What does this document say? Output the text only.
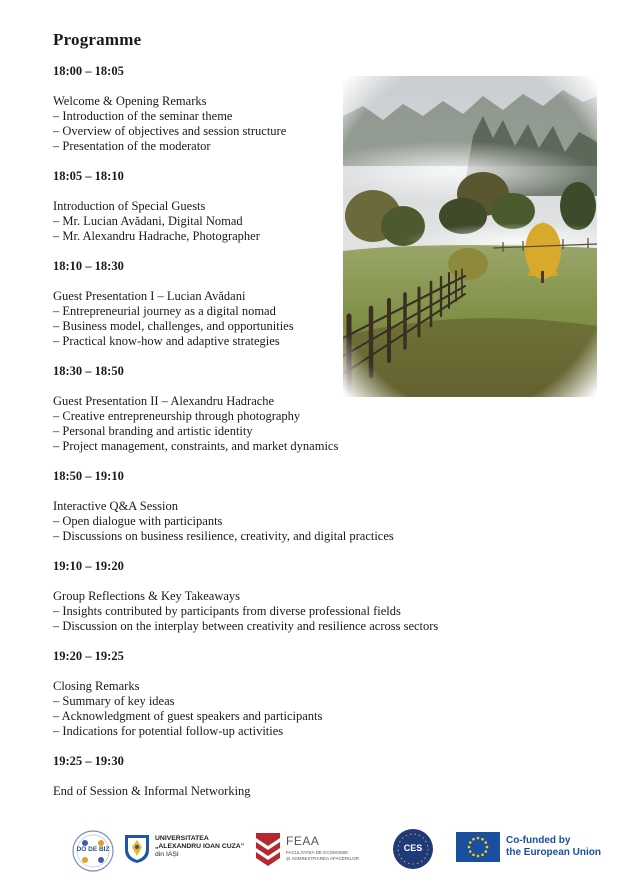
Programme
18:00 – 18:05
Welcome & Opening Remarks
– Introduction of the seminar theme
– Overview of objectives and session structure
– Presentation of the moderator
18:05 – 18:10
Introduction of Special Guests
– Mr. Lucian Avădani, Digital Nomad
– Mr. Alexandru Hadrache, Photographer
18:10 – 18:30
Guest Presentation I – Lucian Avădani
– Entrepreneurial journey as a digital nomad
– Business model, challenges, and opportunities
– Practical know-how and adaptive strategies
18:30 – 18:50
Guest Presentation II – Alexandru Hadrache
– Creative entrepreneurship through photography
– Personal branding and artistic identity
– Project management, constraints, and market dynamics
18:50 – 19:10
Interactive Q&A Session
– Open dialogue with participants
– Discussions on business resilience, creativity, and digital practices
19:10 – 19:20
Group Reflections & Key Takeaways
– Insights contributed by participants from diverse professional fields
– Discussion on the interplay between creativity and resilience across sectors
19:20 – 19:25
Closing Remarks
– Summary of key ideas
– Acknowledgment of guest speakers and participants
– Indications for potential follow-up activities
19:25 – 19:30
End of Session & Informal Networking
DO DE BIZ
UNIVERSITATEA
„ALEXANDRU IOAN CUZA”
din IAȘI
FEAA
FACULTATEA DE ECONOMIE
ȘI ADMINISTRAREA AFACERILOR
CES
Co-funded by
the European Union
